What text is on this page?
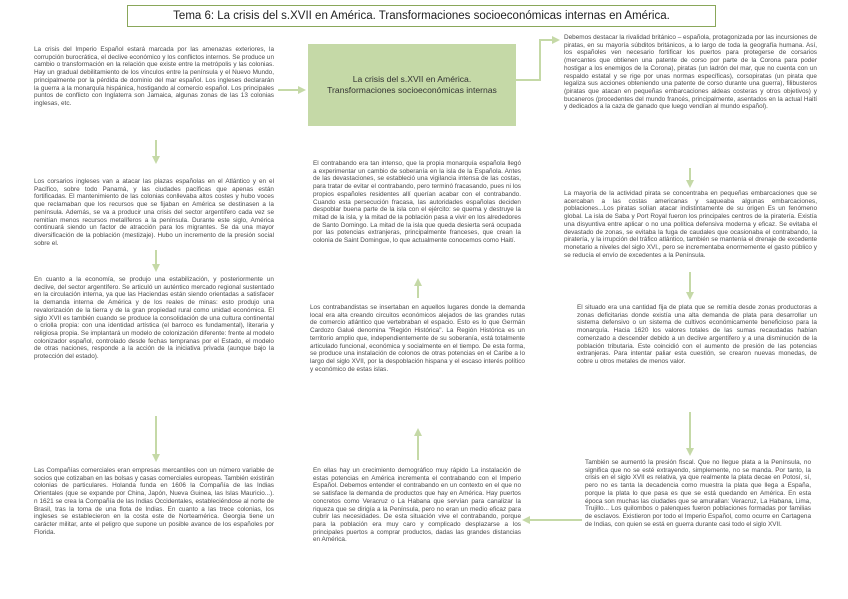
Tema 6: La crisis del s.XVII en América. Transformaciones socioeconómicas internas en América.
La crisis del s.XVII en América.
Transformaciones socioeconómicas internas
La crisis del Imperio Español estará marcada por las amenazas exteriores, la corrupción burocrática, el declive económico y los conflictos internos. Se produce un cambio o transformación en la relación que existe entre la metrópolis y las colonias. Hay un gradual debilitamiento de los vínculos entre la península y el Nuevo Mundo, principalmente por la pérdida de dominio del mar español. Los ingleses declararán la guerra a la monarquía hispánica, hostigando al comercio español. Los principales puntos de conflicto con Inglaterra son Jamaica, algunas zonas de las 13 colonias inglesas, etc.
Los corsarios ingleses van a atacar las plazas españolas en el Atlántico y en el Pacífico, sobre todo Panamá, y las ciudades pacíficas que apenas están fortificadas. El mantenimiento de las colonias conllevaba altos costes y hubo voces que reclamaban que los recursos que se fijaban en América se destinasen a la península. Además, se va a producir una crisis del sector argentífero cada vez se remitían menos recursos metalíferos a la península. Durante este siglo, América continuará siendo un factor de atracción para los migrantes. Se da una mayor diversificación de la población (mestizaje). Hubo un incremento de la presión social sobre el.
En cuanto a la economía, se produjo una estabilización, y posteriormente un declive, del sector argentífero. Se articuló un auténtico mercado regional sustentado en la circulación interna, ya que las Haciendas están siendo orientadas a satisfacer la demanda interna de América y de los reales de minas: esto produjo una revalorización de la tierra y de la gran propiedad rural como unidad económica. El siglo XVII es también cuando se produce la consolidación de una cultura continental o criolla propia: con una identidad artística (el barroco es fundamental), literaria y religiosa propia. Se implantará un modelo de colonización diferente: frente al modelo colonizador español, controlado desde fechas tempranas por el Estado, el modelo de otras naciones, responde a la acción de la iniciativa privada (aunque bajo la protección del estado).
Las Compañías comerciales eran empresas mercantiles con un número variable de socios que cotizaban en las bolsas y casas comerciales europeas. También existirán colonias de particulares. Holanda funda en 1606 la Compañía de las Indias Orientales (que se expande por China, Japón, Nueva Guinea, las Islas Mauricio...). n 1621 se crea la Compañía de las Indias Occidentales, estableciéndose al norte de Brasil, tras la toma de una flota de Indias. En cuanto a las trece colonias, los ingleses se establecieron en la costa este de Norteamérica. Georgia tiene un carácter militar, ante el peligro que supone un posible avance de los españoles por Florida.
El contrabando era tan intenso, que la propia monarquía española llegó a experimentar un cambio de soberanía en la isla de la Española. Antes de las devastaciones, se estableció una vigilancia intensa de las costas, para tratar de evitar el contrabando, pero terminó fracasando, pues ni los propios españoles residentes allí querían acabar con el contrabando. Cuando esta persecución fracasa, las autoridades españolas deciden despoblar buena parte de la isla con el ejército: se quema y destruye la mitad de la isla, y la mitad de la población pasa a vivir en los alrededores de Santo Domingo. La mitad de la isla que queda desierta será ocupada por las potencias extranjeras, principalmente franceses, que crean la colonia de Saint Domingue, lo que actualmente conocemos como Haití.
Los contrabandistas se insertaban en aquellos lugares donde la demanda local era alta creando circuitos económicos alejados de las grandes rutas de comercio atlántico que vertebraban el espacio. Esto es lo que Germán Cardozo Galué denomina "Región Histórica". La Región Histórica es un territorio amplio que, independientemente de su soberanía, está totalmente articulado funcional, económica y socialmente en el tiempo. De esta forma, se produce una instalación de colonos de otras potencias en el Caribe a lo largo del siglo XVII, por la despoblación hispana y el escaso interés político y económico de estas islas.
En ellas hay un crecimiento demográfico muy rápido La instalación de estas potencias en América incrementa el contrabando con el Imperio Español. Debemos entender el contrabando en un contexto en el que no se satisface la demanda de productos que hay en América. Hay puertos concretos como Veracruz o La Habana que servían para canalizar la riqueza que se dirigía a la Península, pero no eran un medio eficaz para cubrir las necesidades. De esta situación vive el contrabando, porque para la población era muy caro y complicado desplazarse a los principales puertos a comprar productos, dadas las grandes distancias en América.
Debemos destacar la rivalidad británico – española, protagonizada por las incursiones de piratas, en su mayoría súbditos británicos, a lo largo de toda la geografía humana. Así, los españoles ven necesario fortificar los puertos para protegerse de corsarios (mercantes que obtienen una patente de corso por parte de la Corona para poder hostigar a los enemigos de la Corona), piratas (un ladrón del mar, que no cuenta con un respaldo estatal y se rige por unas normas específicas), corsopiratas (un pirata que legaliza sus acciones obteniendo una patente de corso durante una guerra), filibusteros (piratas que atacan en pequeñas embarcaciones aldeas costeras y otros objetivos) y bucaneros (procedentes del mundo francés, principalmente, asentados en la actual Haití y dedicados a la caza de ganado que luego vendían al mundo español).
La mayoría de la actividad pirata se concentraba en pequeñas embarcaciones que se acercaban a las costas americanas y saqueaba algunas embarcaciones, poblaciones...Los piratas solían atacar indistintamente de su origen Es un fenómeno global. La isla de Saba y Port Royal fueron los principales centros de la piratería. Existía una disyuntiva entre aplicar o no una política defensiva moderna y eficaz. Se evitaba el devastado de zonas, se evitaba la fuga de caudales que ocasionaba el contrabando, la piratería, y la irrupción del tráfico atlántico, también se mantenía el drenaje de excedente monetario a niveles del siglo XVI., pero se incrementaba enormemente el gasto público y se reducía el envío de excedentes a la Península.
El situado era una cantidad fija de plata que se remitía desde zonas productoras a zonas deficitarias donde existía una alta demanda de plata para desarrollar un sistema defensivo o un sistema de cultivos económicamente beneficioso para la monarquía. Hacia 1620 los valores totales de las sumas recaudadas habían comenzado a descender debido a un declive argentífero y a una disminución de la población tributaria. Este coincidió con el aumento de presión de las potencias extranjeras. Para intentar paliar esta cuestión, se crearon nuevas monedas, de cobre u otros metales de menos valor.
También se aumentó la presión fiscal. Que no llegue plata a la Península, no significa que no se esté extrayendo, simplemente, no se manda. Por tanto, la crisis en el siglo XVII es relativa, ya que realmente la plata decae en Potosí, sí, pero no es tanta la decadencia como muestra la plata que llega a España, porque la plata lo que pasa es que se está quedando en América. En esta época son muchas las ciudades que se amurallan: Veracruz, La Habana, Lima, Trujillo... Los quilombos o palenques fueron poblaciones formadas por familias de esclavos. Existieron por todo el Imperio Español, como ocurre en Cartagena de Indias, con quien se está en guerra durante casi todo el siglo XVII.
